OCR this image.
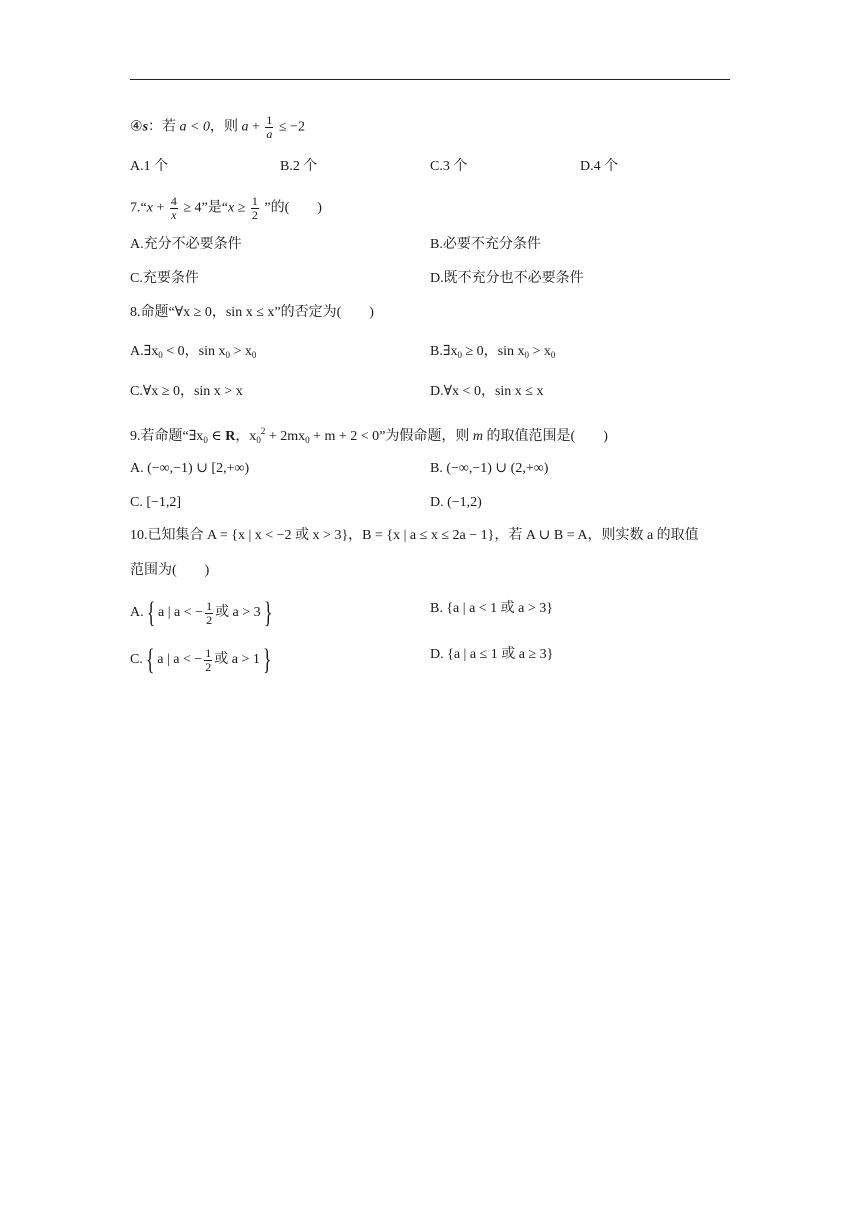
④s：若 a < 0，则 $a + \frac{1}{a} \le -2$
A.1 个	B.2 个	C.3 个	D.4 个
7.“x + $\frac{4}{x} \ge 4$”是“$x \ge \frac{1}{2}$ ”的(　　)
A.充分不必要条件	B.必要不充分条件
C.充要条件	D.既不充分也不必要条件
8.命题“∀x ≥ 0，sin x ≤ x”的否定为(　　)
$A.\exists x_0 < 0$，$\sin x_0 > x_0$	$B.\exists x_0 \ge 0$，$\sin x_0 > x_0$
C.∀x ≥ 0，sin x > x	D.∀x < 0，sin x ≤ x
9.若命题“$\exists x_0$ ∈ R，$x_0^2 + 2mx_0 + m + 2 < 0$”为假命题，则 m 的取值范围是(　　)
A. (−∞,−1) ∪ [2,+∞)	B. (−∞,−1) ∪ (2,+∞)
C. [−1,2]	D. (−1,2)
10.已知集合 A = {x | x < −2 或 x > 3}，B = {x | a ≤ x ≤ 2a − 1}，若 A ∪ B = A，则实数 a 的取值
范围为(　　)
A.{ a | a < − $\frac{1}{2}$ 或 a > 3}	B. {a | a < 1 或 a > 3}
C.{ a | a < − $\frac{1}{2}$ 或 a > 1}	D. {a | a ≤ 1 或 a ≥ 3}
